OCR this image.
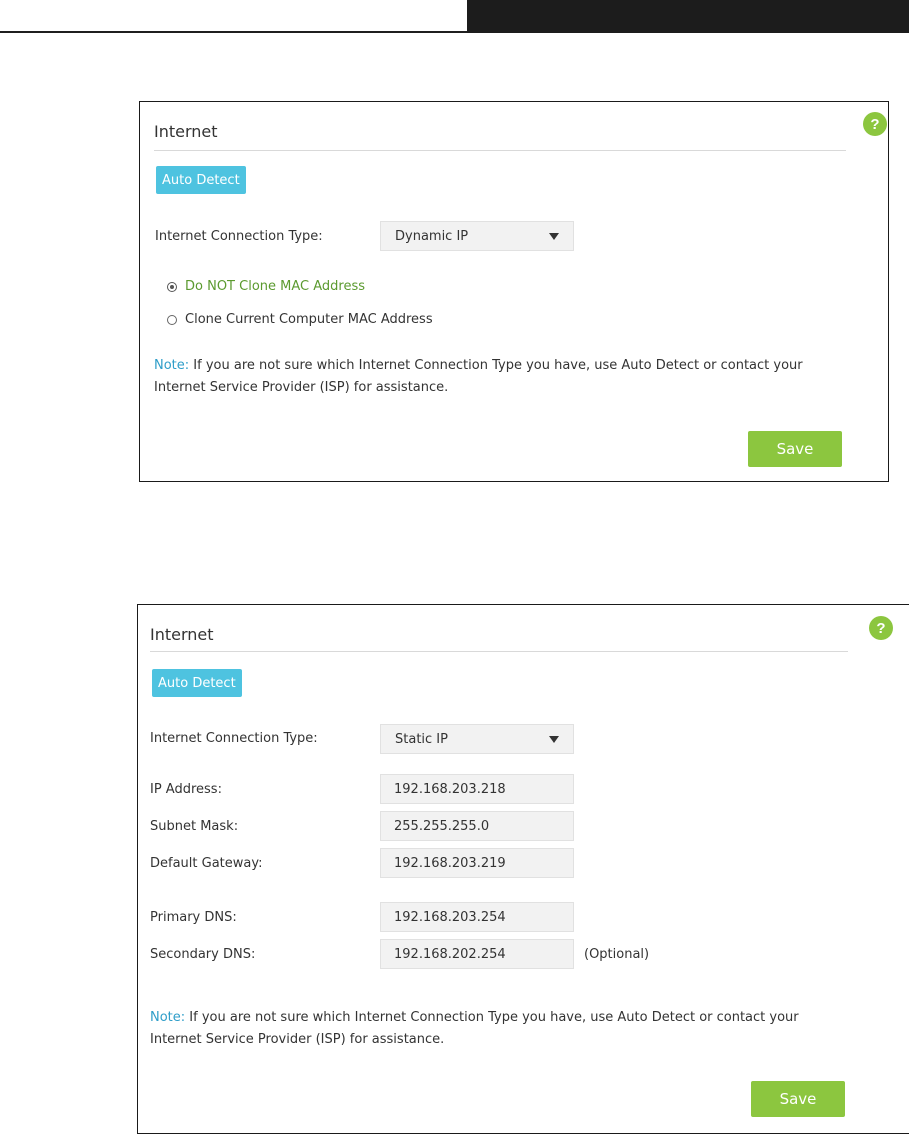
Internet	?
Auto Detect
Internet Connection Type:	Dynamic IP
Do NOT Clone MAC Address
Clone Current Computer MAC Address
Note: If you are not sure which Internet Connection Type you have, use Auto Detect or contact your
Internet Service Provider (ISP) for assistance.
Save
Internet	?
Auto Detect
Internet Connection Type:	Static IP
IP Address:	192.168.203.218
Subnet Mask:	255.255.255.0
Default Gateway:	192.168.203.219
Primary DNS:	192.168.203.254
Secondary DNS:	192.168.202.254	(Optional)
Note: If you are not sure which Internet Connection Type you have, use Auto Detect or contact your
Internet Service Provider (ISP) for assistance.
Save
